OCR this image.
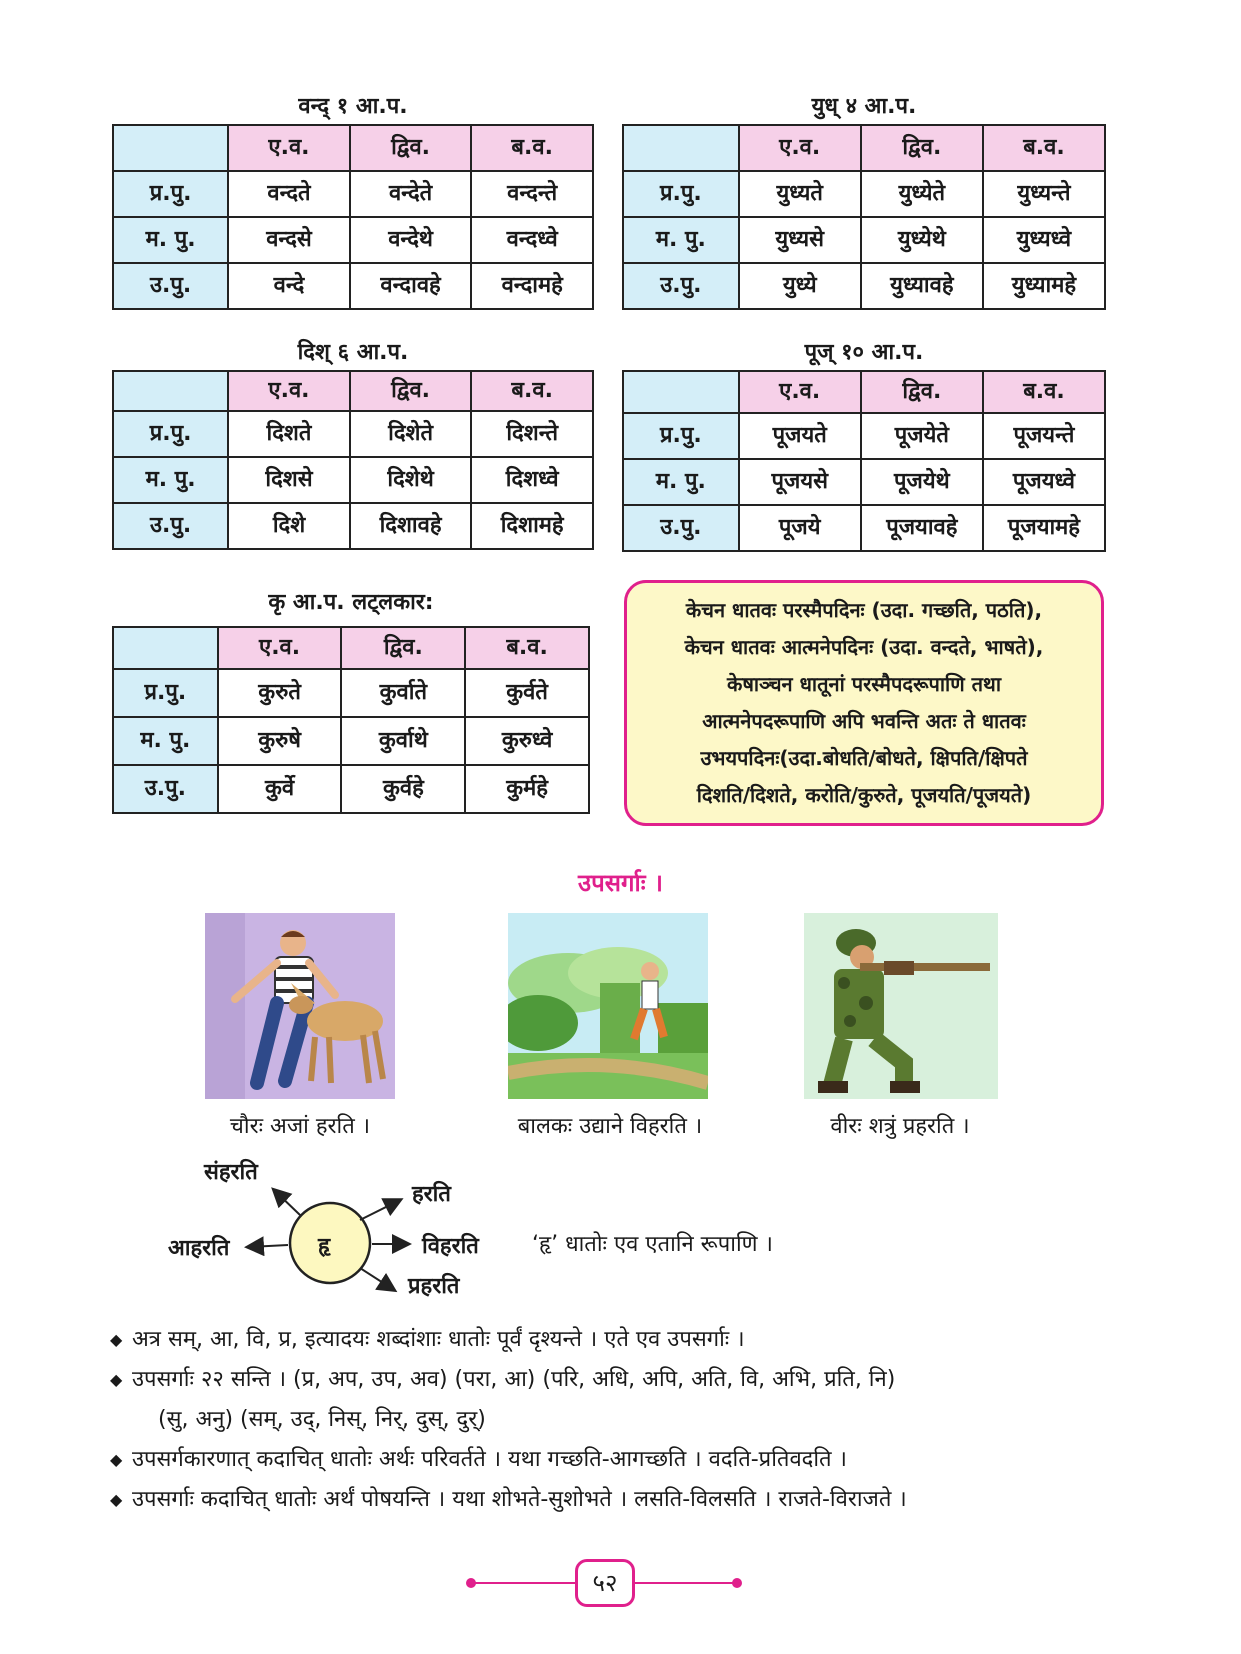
वन्द् १ आ.प.
	ए.व.	द्विव.	ब.व.
प्र.पु.	वन्दते	वन्देते	वन्दन्ते
म. पु.	वन्दसे	वन्देथे	वन्दध्वे
उ.पु.	वन्दे	वन्दावहे	वन्दामहे
युध् ४ आ.प.
	ए.व.	द्विव.	ब.व.
प्र.पु.	युध्यते	युध्येते	युध्यन्ते
म. पु.	युध्यसे	युध्येथे	युध्यध्वे
उ.पु.	युध्ये	युध्यावहे	युध्यामहे
दिश् ६ आ.प.
	ए.व.	द्विव.	ब.व.
प्र.पु.	दिशते	दिशेते	दिशन्ते
म. पु.	दिशसे	दिशेथे	दिशध्वे
उ.पु.	दिशे	दिशावहे	दिशामहे
पूज् १० आ.प.
	ए.व.	द्विव.	ब.व.
प्र.पु.	पूजयते	पूजयेते	पूजयन्ते
म. पु.	पूजयसे	पूजयेथे	पूजयध्वे
उ.पु.	पूजये	पूजयावहे	पूजयामहे
कृ आ.प. लट्लकार:
	ए.व.	द्विव.	ब.व.
प्र.पु.	कुरुते	कुर्वाते	कुर्वते
म. पु.	कुरुषे	कुर्वाथे	कुरुध्वे
उ.पु.	कुर्वे	कुर्वहे	कुर्महे
केचन धातवः परस्मैपदिनः (उदा. गच्छति, पठति),
केचन धातवः आत्मनेपदिनः (उदा. वन्दते, भाषते),
केषाञ्चन धातूनां परस्मैपदरूपाणि तथा
आत्मनेपदरूपाणि अपि भवन्ति अतः ते धातवः
उभयपदिनः(उदा.बोधति/बोधते, क्षिपति/क्षिपते
दिशति/दिशते, करोति/कुरुते, पूजयति/पूजयते)
उपसर्गाः ।
चौरः अजां हरति ।	बालकः उद्याने विहरति ।	वीरः शत्रुं प्रहरति ।
हृ
संहरति
आहरति
हरति
विहरति
प्रहरति
‘हृ’ धातोः एव एतानि रूपाणि ।
◆ अत्र सम्, आ, वि, प्र, इत्यादयः शब्दांशाः धातोः पूर्वं दृश्यन्ते । एते एव उपसर्गाः ।
◆ उपसर्गाः २२ सन्ति । (प्र, अप, उप, अव) (परा, आ) (परि, अधि, अपि, अति, वि, अभि, प्रति, नि)
(सु, अनु) (सम्, उद्, निस्, निर्, दुस्, दुर्)
◆ उपसर्गकारणात् कदाचित् धातोः अर्थः परिवर्तते । यथा गच्छति-आगच्छति । वदति-प्रतिवदति ।
◆ उपसर्गाः कदाचित् धातोः अर्थं पोषयन्ति । यथा शोभते-सुशोभते । लसति-विलसति । राजते-विराजते ।
५२
